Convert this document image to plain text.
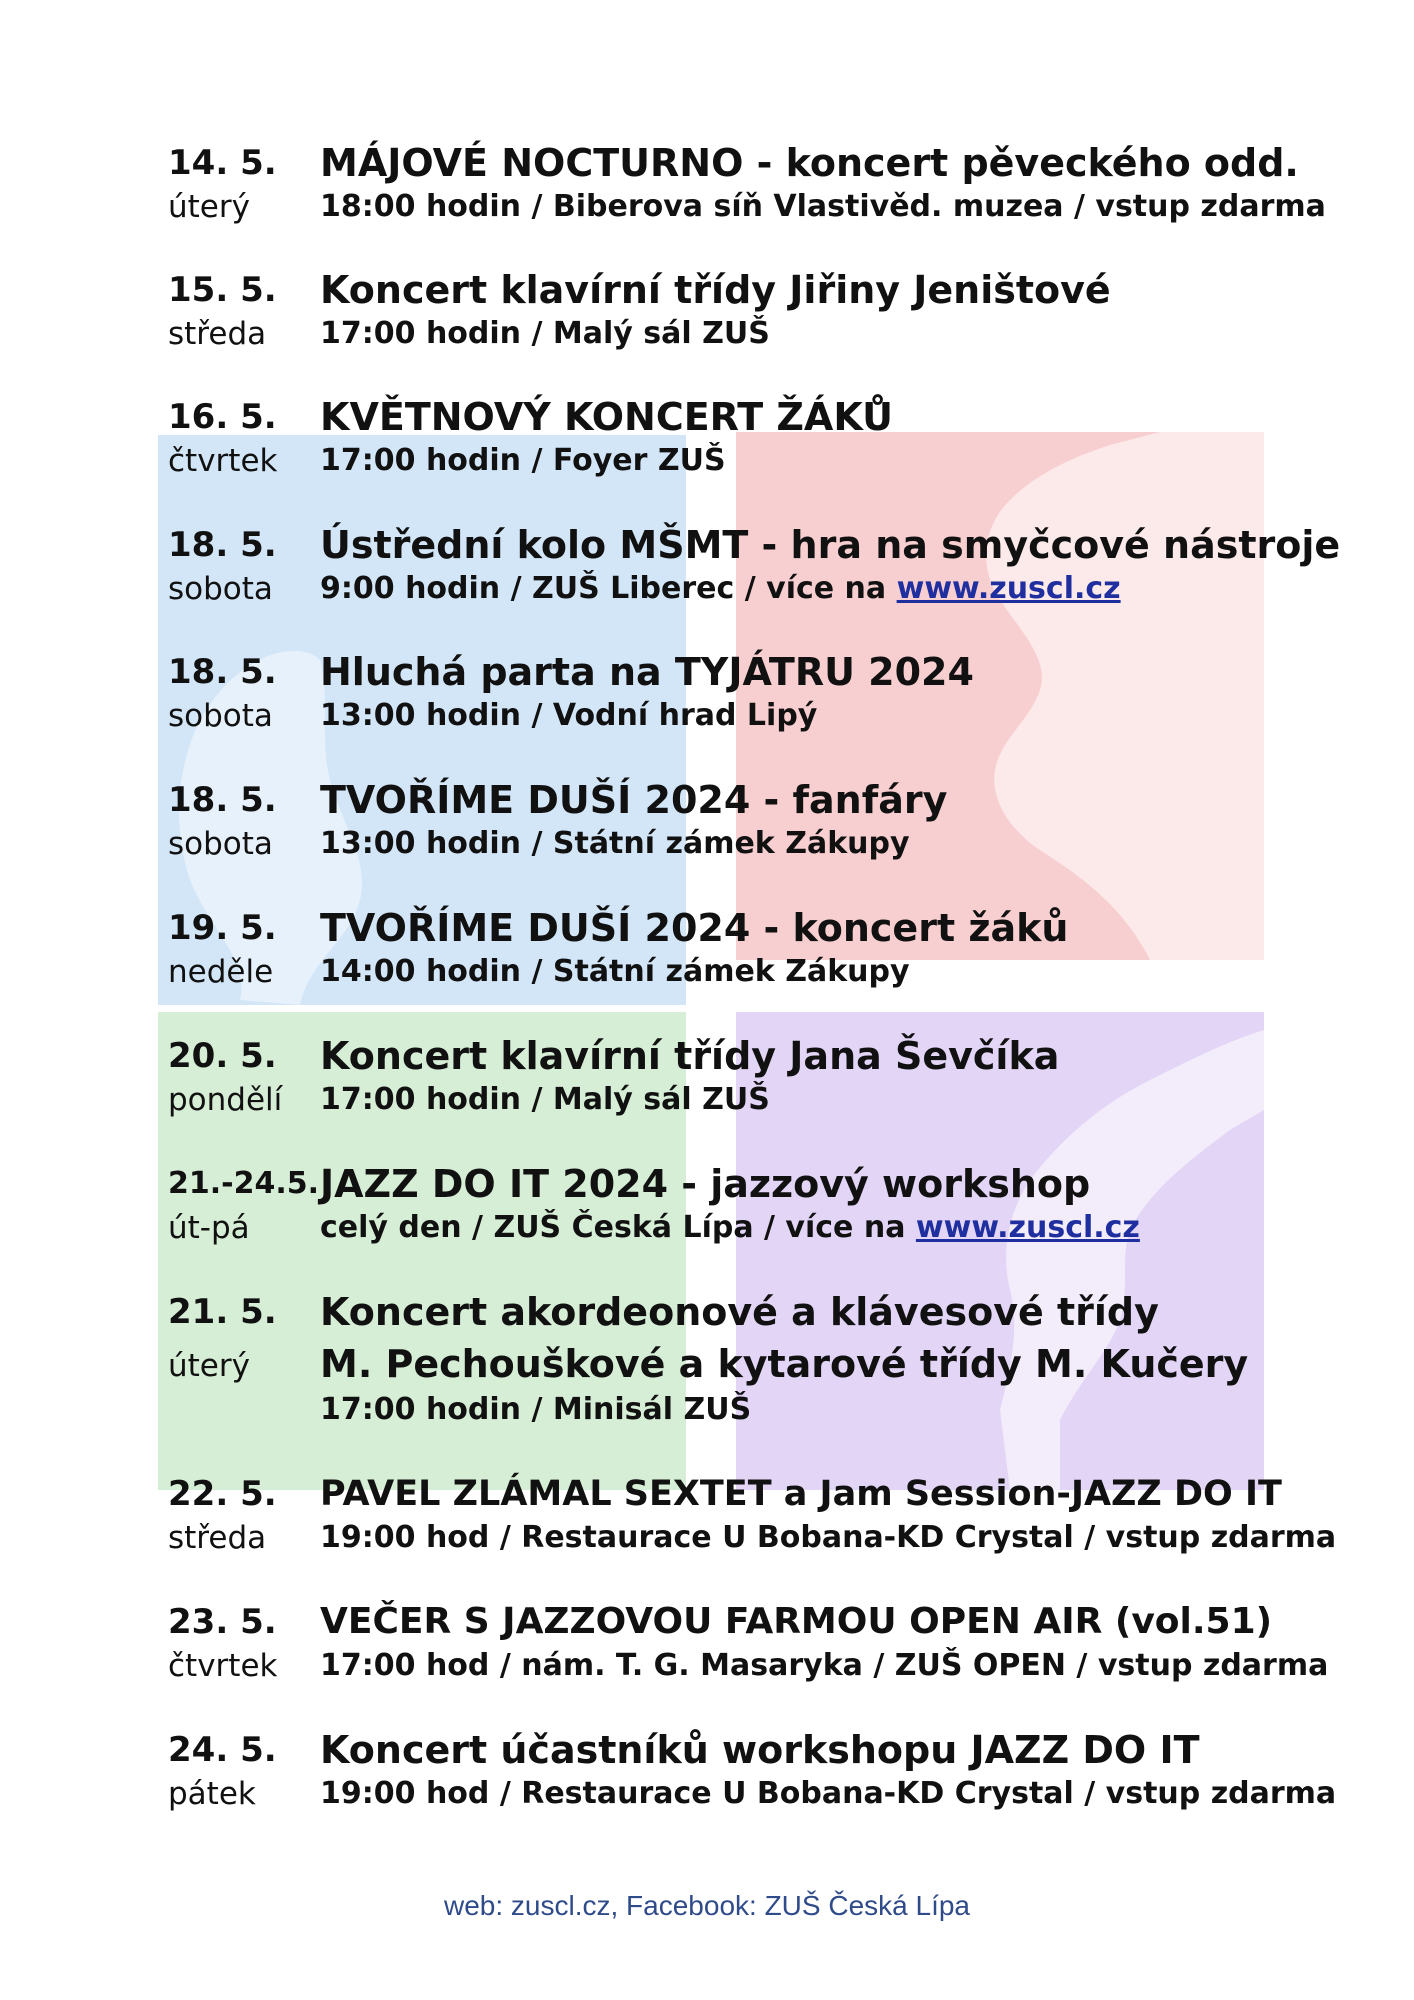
14. 5.
úterý
MÁJOVÉ NOCTURNO - koncert pěveckého odd.
18:00 hodin / Biberova síň Vlastivěd. muzea / vstup zdarma
15. 5.
středa
Koncert klavírní třídy Jiřiny Jeništové
17:00 hodin / Malý sál ZUŠ
16. 5.
čtvrtek
KVĚTNOVÝ KONCERT ŽÁKŮ
17:00 hodin / Foyer ZUŠ
18. 5.
sobota
Ústřední kolo MŠMT - hra na smyčcové nástroje
9:00 hodin / ZUŠ Liberec / více na www.zuscl.cz
18. 5.
sobota
Hluchá parta na TYJÁTRU 2024
13:00 hodin / Vodní hrad Lipý
18. 5.
sobota
TVOŘÍME DUŠÍ 2024 - fanfáry
13:00 hodin / Státní zámek Zákupy
19. 5.
neděle
TVOŘÍME DUŠÍ 2024 - koncert žáků
14:00 hodin / Státní zámek Zákupy
20. 5.
pondělí
Koncert klavírní třídy Jana Ševčíka
17:00 hodin / Malý sál ZUŠ
21.-24.5.
út-pá
JAZZ DO IT 2024 - jazzový workshop
celý den / ZUŠ Česká Lípa / více na www.zuscl.cz
21. 5.
úterý
Koncert akordeonové a klávesové třídy
M. Pechouškové a kytarové třídy M. Kučery
17:00 hodin / Minisál ZUŠ
22. 5.
středa
PAVEL ZLÁMAL SEXTET a Jam Session-JAZZ DO IT
19:00 hod / Restaurace U Bobana-KD Crystal / vstup zdarma
23. 5.
čtvrtek
VEČER S JAZZOVOU FARMOU OPEN AIR (vol.51)
17:00 hod / nám. T. G. Masaryka / ZUŠ OPEN / vstup zdarma
24. 5.
pátek
Koncert účastníků workshopu JAZZ DO IT
19:00 hod / Restaurace U Bobana-KD Crystal / vstup zdarma
web: zuscl.cz, Facebook: ZUŠ Česká Lípa
